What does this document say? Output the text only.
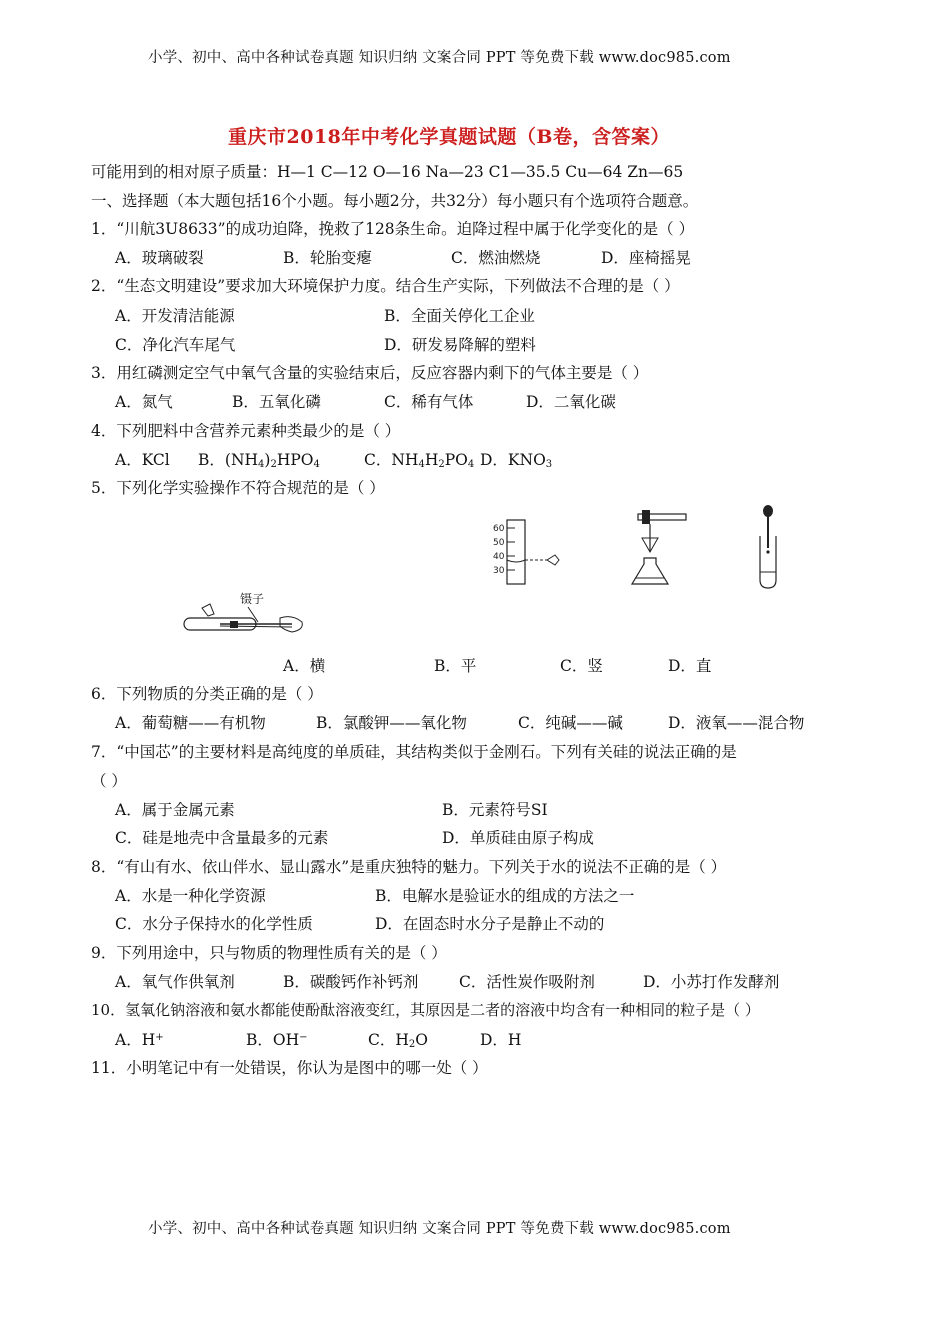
小学、初中、高中各种试卷真题 知识归纳 文案合同 PPT 等免费下载 www.doc985.com
重庆市2018年中考化学真题试题（B卷，含答案）
可能用到的相对原子质量：H—1 C—12 O—16 Na—23 C1—35.5 Cu—64 Zn—65
一、选择题（本大题包括16个小题。每小题2分，共32分）每小题只有个选项符合题意。
1．“川航3U8633”的成功迫降，挽救了128条生命。迫降过程中属于化学变化的是（ ）
A．玻璃破裂	B．轮胎变瘪	C．燃油燃烧	D．座椅摇晃
2．“生态文明建设”要求加大环境保护力度。结合生产实际，下列做法不合理的是（ ）
A．开发清洁能源	B．全面关停化工企业
C．净化汽车尾气	D．研发易降解的塑料
3．用红磷测定空气中氧气含量的实验结束后，反应容器内剩下的气体主要是（ ）
A．氮气	B．五氧化磷	C．稀有气体	D．二氧化碳
4．下列肥料中含营养元素种类最少的是（ ）
A．KCl B．$(NH_4)_2HPO_4$	C．$NH_4H_2PO_4$ D．$KNO_3$
5．下列化学实验操作不符合规范的是（ ）
镊子
60
50
40
30
A．横	B．平	C．竖	D．直
6．下列物质的分类正确的是（ ）
A．葡萄糖——有机物	B．氯酸钾——氧化物	C．纯碱——碱	D．液氧——混合物
7．“中国芯”的主要材料是高纯度的单质硅，其结构类似于金刚石。下列有关硅的说法正确的是
（ ）
A．属于金属元素	B．元素符号SI
C．硅是地壳中含量最多的元素	D．单质硅由原子构成
8．“有山有水、依山伴水、显山露水”是重庆独特的魅力。下列关于水的说法不正确的是（ ）
A．水是一种化学资源	B．电解水是验证水的组成的方法之一
C．水分子保持水的化学性质	D．在固态时水分子是静止不动的
9．下列用途中，只与物质的物理性质有关的是（ ）
A．氧气作供氧剂	B．碳酸钙作补钙剂	C．活性炭作吸附剂	D．小苏打作发酵剂
10．氢氧化钠溶液和氨水都能使酚酞溶液变红，其原因是二者的溶液中均含有一种相同的粒子是（ ）
A．H+	B．OH−	C．$H_2O$	D．H
11．小明笔记中有一处错误，你认为是图中的哪一处（ ）
小学、初中、高中各种试卷真题 知识归纳 文案合同 PPT 等免费下载 www.doc985.com
